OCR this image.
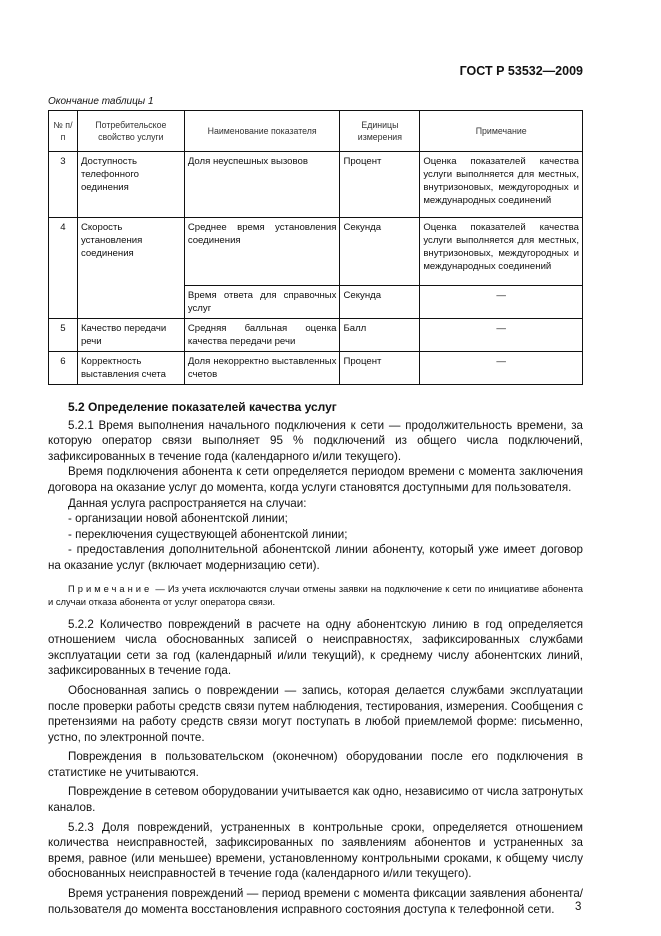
ГОСТ Р 53532—2009
Окончание таблицы 1
№ п/п	Потребительское свойство услуги	Наименование показателя	Единицы измерения	Примечание
3	Доступность телефонного оединения	Доля неуспешных вызовов	Процент	Оценка показателей качества услуги выполняется для местных, внутризоновых, междугородных и международных соединений
4	Скорость установления соединения	Среднее время установления соединения	Секунда	Оценка показателей качества услуги выполняется для местных, внутризоновых, междугородных и международных соединений
		Время ответа для справочных услуг	Секунда	—
5	Качество передачи речи	Средняя балльная оценка качества передачи речи	Балл	—
6	Корректность выставления счета	Доля некорректно выставленных счетов	Процент	—
5.2 Определение показателей качества услуг

5.2.1 Время выполнения начального подключения к сети — продолжительность времени, за которую оператор связи выполняет 95 % подключений из общего числа подключений, зафиксированных в течение года (календарного и/или текущего).

Время подключения абонента к сети определяется периодом времени с момента заключения договора на оказание услуг до момента, когда услуги становятся доступными для пользователя.

Данная услуга распространяется на случаи:

- организации новой абонентской линии;

- переключения существующей абонентской линии;

- предоставления дополнительной абонентской линии абоненту, который уже имеет договор на оказание услуг (включает модернизацию сети).

Примечание — Из учета исключаются случаи отмены заявки на подключение к сети по инициативе абонента и случаи отказа абонента от услуг оператора связи.

5.2.2 Количество повреждений в расчете на одну абонентскую линию в год определяется отношением числа обоснованных записей о неисправностях, зафиксированных службами эксплуатации сети за год (календарный и/или текущий), к среднему числу абонентских линий, зафиксированных в течение года.

Обоснованная запись о повреждении — запись, которая делается службами эксплуатации после проверки работы средств связи путем наблюдения, тестирования, измерения. Сообщения с претензиями на работу средств связи могут поступать в любой приемлемой форме: письменно, устно, по электронной почте.

Повреждения в пользовательском (оконечном) оборудовании после его подключения в статистике не учитываются.

Повреждение в сетевом оборудовании учитывается как одно, независимо от числа затронутых каналов.

5.2.3 Доля повреждений, устраненных в контрольные сроки, определяется отношением количества неисправностей, зафиксированных по заявлениям абонентов и устраненных за время, равное (или меньшее) времени, установленному контрольными сроками, к общему числу обоснованных неисправностей в течение года (календарного и/или текущего).

Время устранения повреждений — период времени с момента фиксации заявления абонента/пользователя до момента восстановления исправного состояния доступа к телефонной сети.	3
